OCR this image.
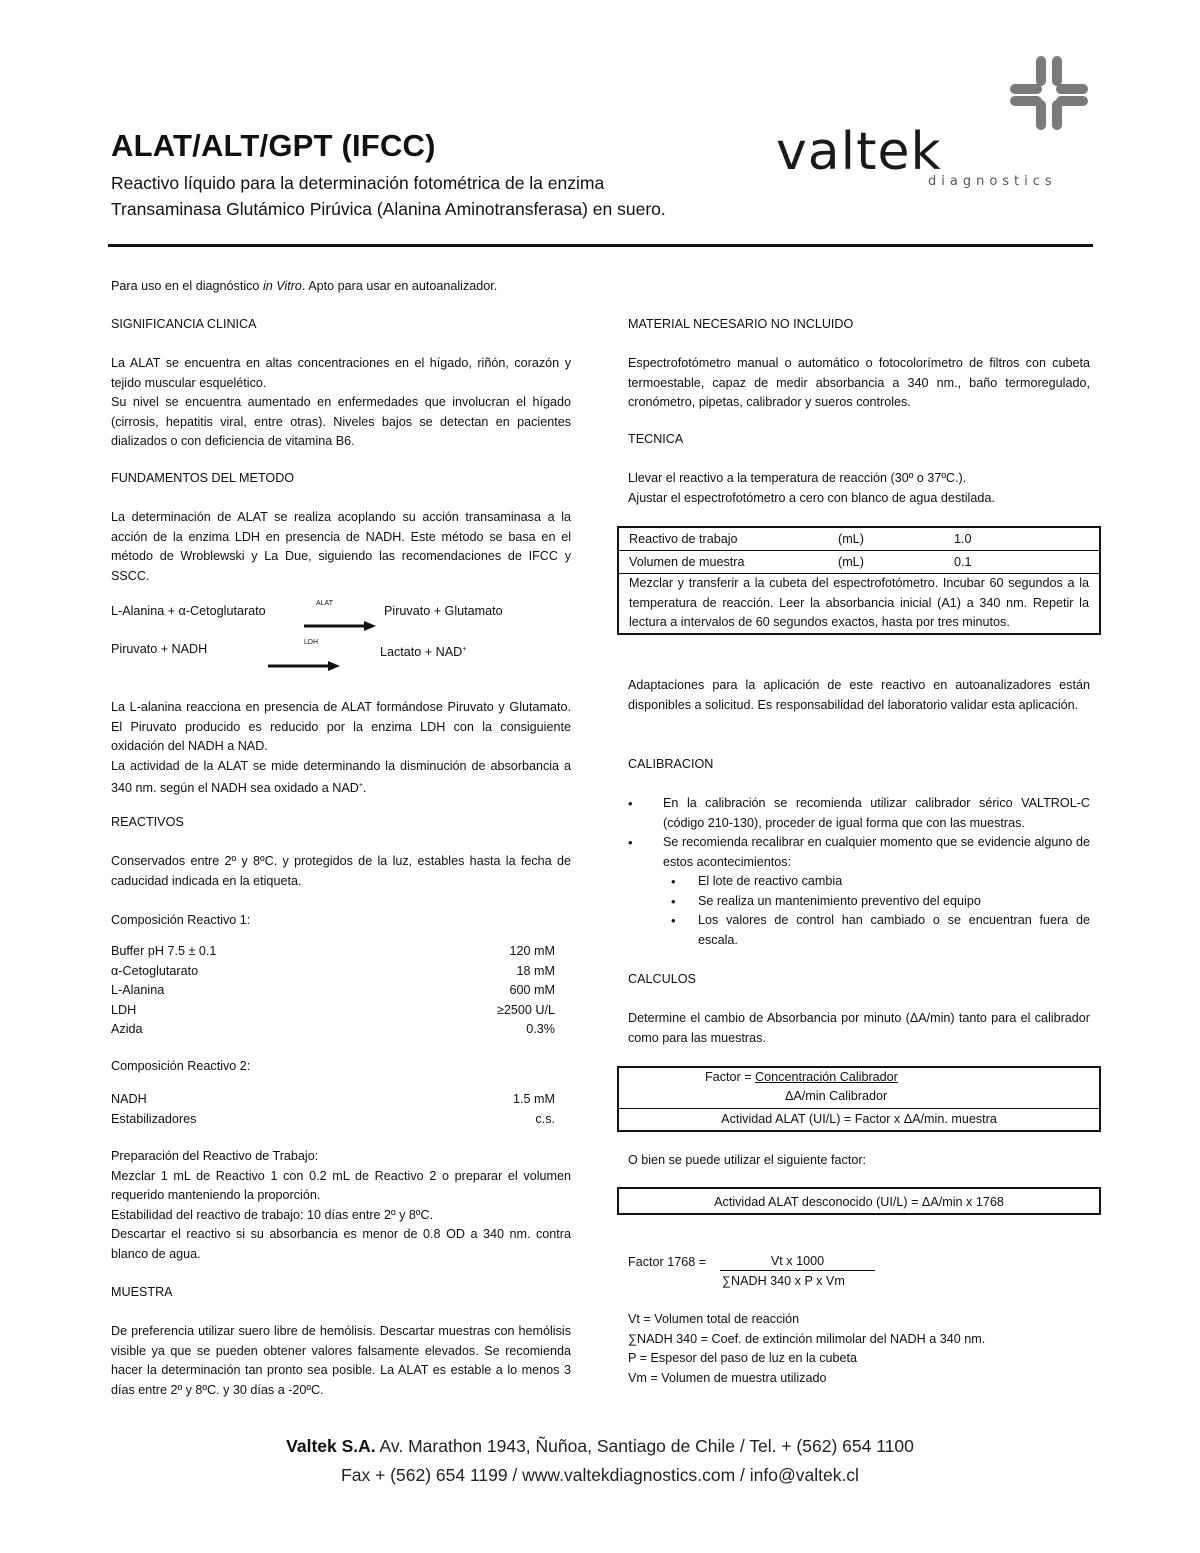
ALAT/ALT/GPT (IFCC)
Reactivo líquido para la determinación fotométrica de la enzima
Transaminasa Glutámico Pirúvica (Alanina Aminotransferasa) en suero.
valtek
diagnostics
Para uso en el diagnóstico in Vitro. Apto para usar en autoanalizador.

SIGNIFICANCIA CLINICA

La ALAT se encuentra en altas concentraciones en el hígado, riñón, corazón y tejido muscular esquelético.

Su nivel se encuentra aumentado en enfermedades que involucran el hígado (cirrosis, hepatitis viral, entre otras). Niveles bajos se detectan en pacientes dializados o con deficiencia de vitamina B6.

FUNDAMENTOS DEL METODO

La determinación de ALAT se realiza acoplando su acción transaminasa a la acción de la enzima LDH en presencia de NADH. Este método se basa en el método de Wroblewski y La Due, siguiendo las recomendaciones de IFCC y SSCC.

L-Alanina + α-Cetoglutarato
ALAT
Piruvato + Glutamato
Piruvato + NADH	LDH
Lactato + NAD+

La L-alanina reacciona en presencia de ALAT formándose Piruvato y Glutamato. El Piruvato producido es reducido por la enzima LDH con la consiguiente oxidación del NADH a NAD.

La actividad de la ALAT se mide determinando la disminución de absorbancia a 340 nm. según el NADH sea oxidado a NAD+.

REACTIVOS

Conservados entre 2º y 8ºC. y protegidos de la luz, estables hasta la fecha de caducidad indicada en la etiqueta.

Composición Reactivo 1:

Buffer pH 7.5 ± 0.1	120 mM
α-Cetoglutarato	18 mM
L-Alanina	600 mM
LDH	≥2500 U/L
Azida	0.3%
Composición Reactivo 2:
NADH	1.5 mM
Estabilizadores	c.s.

Preparación del Reactivo de Trabajo:

Mezclar 1 mL de Reactivo 1 con 0.2 mL de Reactivo 2 o preparar el volumen requerido manteniendo la proporción.

Estabilidad del reactivo de trabajo: 10 días entre 2º y 8ºC.

Descartar el reactivo si su absorbancia es menor de 0.8 OD a 340 nm. contra blanco de agua.

MUESTRA

De preferencia utilizar suero libre de hemólisis. Descartar muestras con hemólisis visible ya que se pueden obtener valores falsamente elevados. Se recomienda hacer la determinación tan pronto sea posible. La ALAT es estable a lo menos 3 días entre 2º y 8ºC. y 30 días a -20ºC.

MATERIAL NECESARIO NO INCLUIDO

Espectrofotómetro manual o automático o fotocolorímetro de filtros con cubeta termoestable, capaz de medir absorbancia a 340 nm., baño termoregulado, cronómetro, pipetas, calibrador y sueros controles.

TECNICA

Llevar el reactivo a la temperatura de reacción (30º o 37ºC.).

Ajustar el espectrofotómetro a cero con blanco de agua destilada.

Reactivo de trabajo	(mL)	1.0
Volumen de muestra	(mL)	0.1
Mezclar y transferir a la cubeta del espectrofotómetro. Incubar 60 segundos a la temperatura de reacción. Leer la absorbancia inicial (A1) a 340 nm. Repetir la lectura a intervalos de 60 segundos exactos, hasta por tres minutos.

Adaptaciones para la aplicación de este reactivo en autoanalizadores están disponibles a solicitud. Es responsabilidad del laboratorio validar esta aplicación.

CALIBRACION

• En la calibración se recomienda utilizar calibrador sérico VALTROL-C (código 210-130), proceder de igual forma que con las muestras.

• Se recomienda recalibrar en cualquier momento que se evidencie alguno de estos acontecimientos:

• El lote de reactivo cambia

• Se realiza un mantenimiento preventivo del equipo

• Los valores de control han cambiado o se encuentran fuera de escala.

CALCULOS

Determine el cambio de Absorbancia por minuto (ΔA/min) tanto para el calibrador como para las muestras.

Factor = Concentración Calibrador
ΔA/min Calibrador
Actividad ALAT (UI/L) = Factor x ΔA/min. muestra
O bien se puede utilizar el siguiente factor:
Actividad ALAT desconocido (UI/L) = ΔA/min x 1768
Factor 1768 =	Vt x 1000
∑NADH 340 x P x Vm

Vt = Volumen total de reacción

∑NADH 340 = Coef. de extinción milimolar del NADH a 340 nm.

P = Espesor del paso de luz en la cubeta

Vm = Volumen de muestra utilizado

Valtek S.A. Av. Marathon 1943, Ñuñoa, Santiago de Chile / Tel. + (562) 654 1100
Fax + (562) 654 1199 / www.valtekdiagnostics.com / info@valtek.cl
